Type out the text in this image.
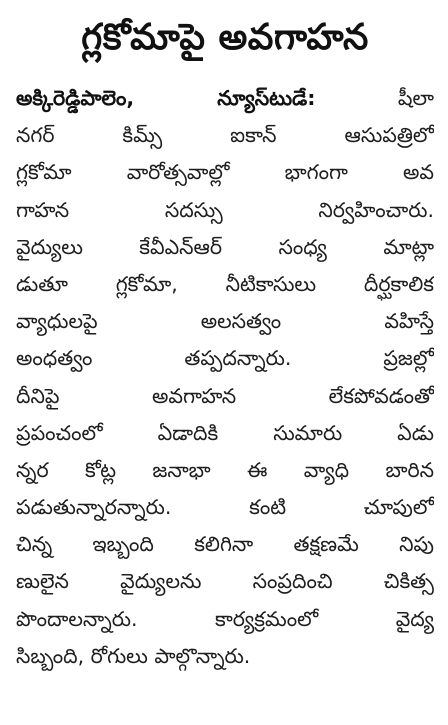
గ్లకోమాపై అవగాహన
అక్కిరెడ్డిపాలెం, న్యూస్‌టుడే: షీలా
నగర్ కిమ్స్ ఐకాన్ ఆసుపత్రిలో
గ్లకోమా వారోత్సవాల్లో భాగంగా అవ
గాహన సదస్సు నిర్వహించారు.
వైద్యులు కేవీఎన్ఆర్ సంధ్య మాట్లా
డుతూ గ్లకోమా, నీటికాసులు దీర్ఘకాలిక
వ్యాధులపై అలసత్వం వహిస్తే
అంధత్వం తప్పదన్నారు. ప్రజల్లో
దీనిపై అవగాహన లేకపోవడంతో
ప్రపంచంలో ఏడాదికి సుమారు ఏడు
న్నర కోట్ల జనాభా ఈ వ్యాధి బారిన
పడుతున్నారన్నారు. కంటి చూపులో
చిన్న ఇబ్బంది కలిగినా తక్షణమే నిపు
ణులైన వైద్యులను సంప్రదించి చికిత్స
పొందాలన్నారు. కార్యక్రమంలో వైద్య
సిబ్బంది, రోగులు పాల్గొన్నారు.
